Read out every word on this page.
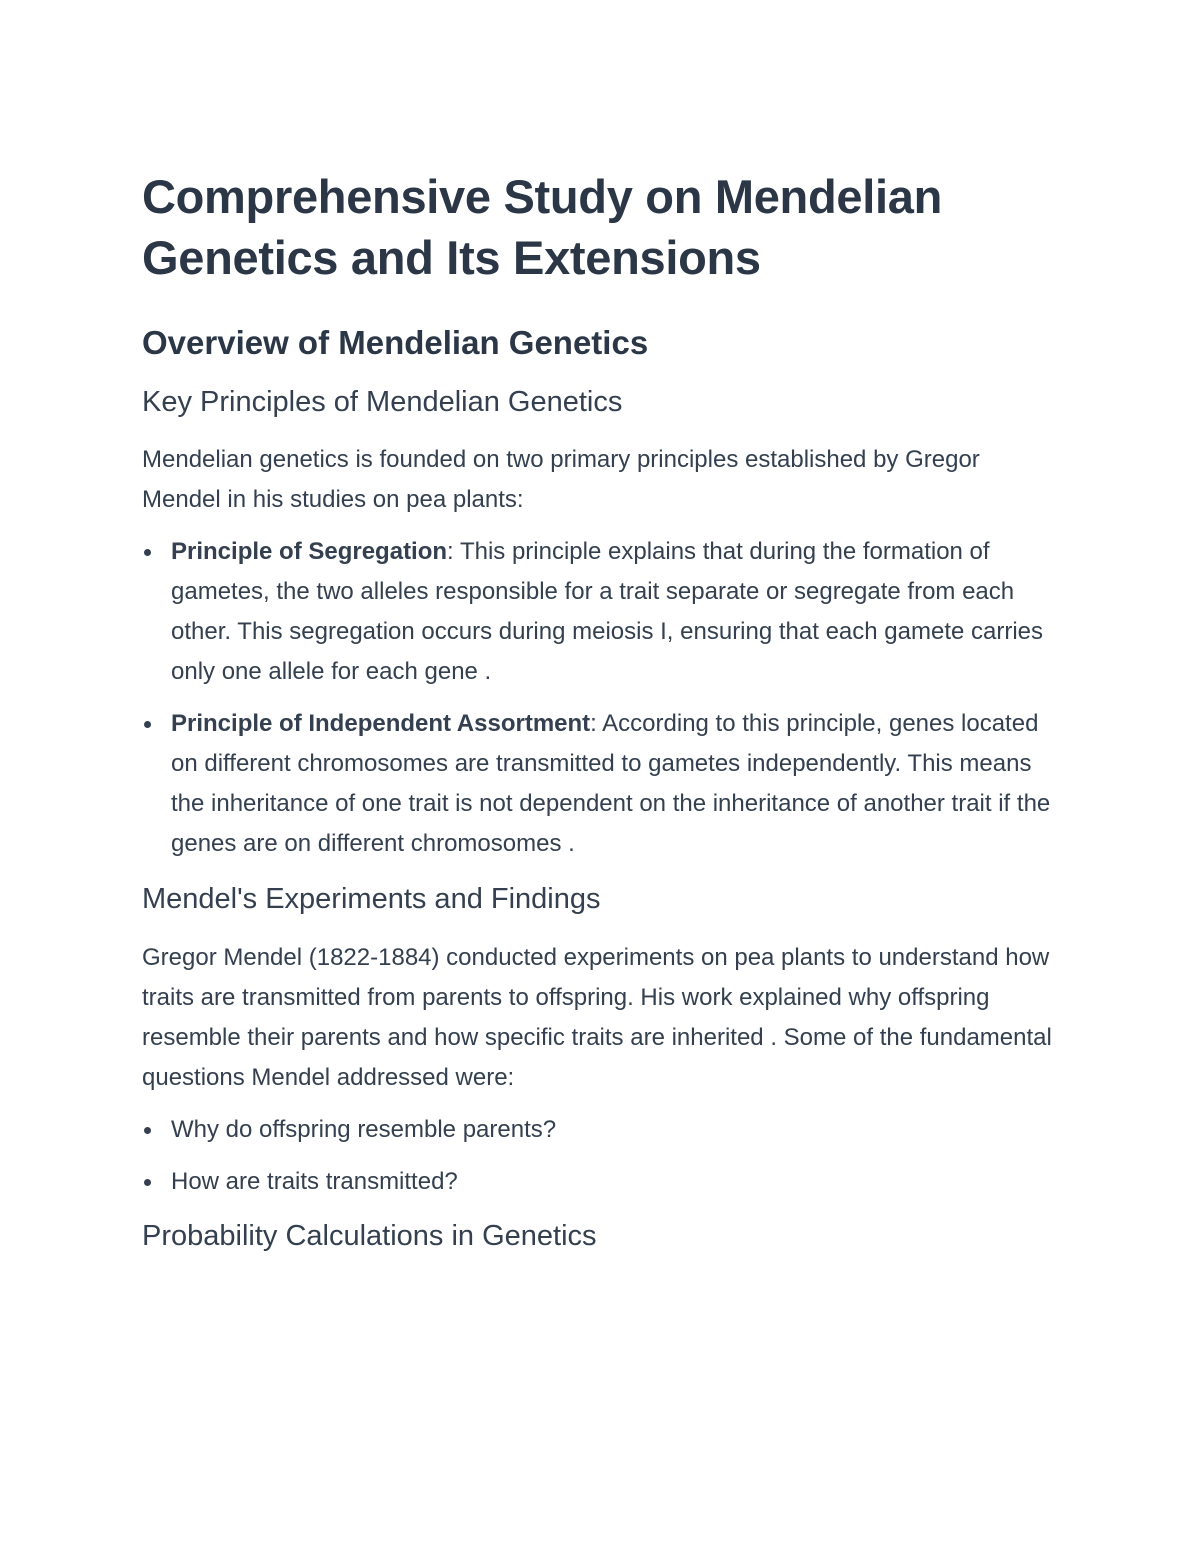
Comprehensive Study on Mendelian Genetics and Its Extensions
Overview of Mendelian Genetics
Key Principles of Mendelian Genetics

Mendelian genetics is founded on two primary principles established by Gregor Mendel in his studies on pea plants:

Principle of Segregation: This principle explains that during the formation of gametes, the two alleles responsible for a trait separate or segregate from each other. This segregation occurs during meiosis I, ensuring that each gamete carries only one allele for each gene .
Principle of Independent Assortment: According to this principle, genes located on different chromosomes are transmitted to gametes independently. This means the inheritance of one trait is not dependent on the inheritance of another trait if the genes are on different chromosomes .
Mendel's Experiments and Findings

Gregor Mendel (1822-1884) conducted experiments on pea plants to understand how traits are transmitted from parents to offspring. His work explained why offspring resemble their parents and how specific traits are inherited . Some of the fundamental questions Mendel addressed were:

Why do offspring resemble parents?
How are traits transmitted?
Probability Calculations in Genetics
